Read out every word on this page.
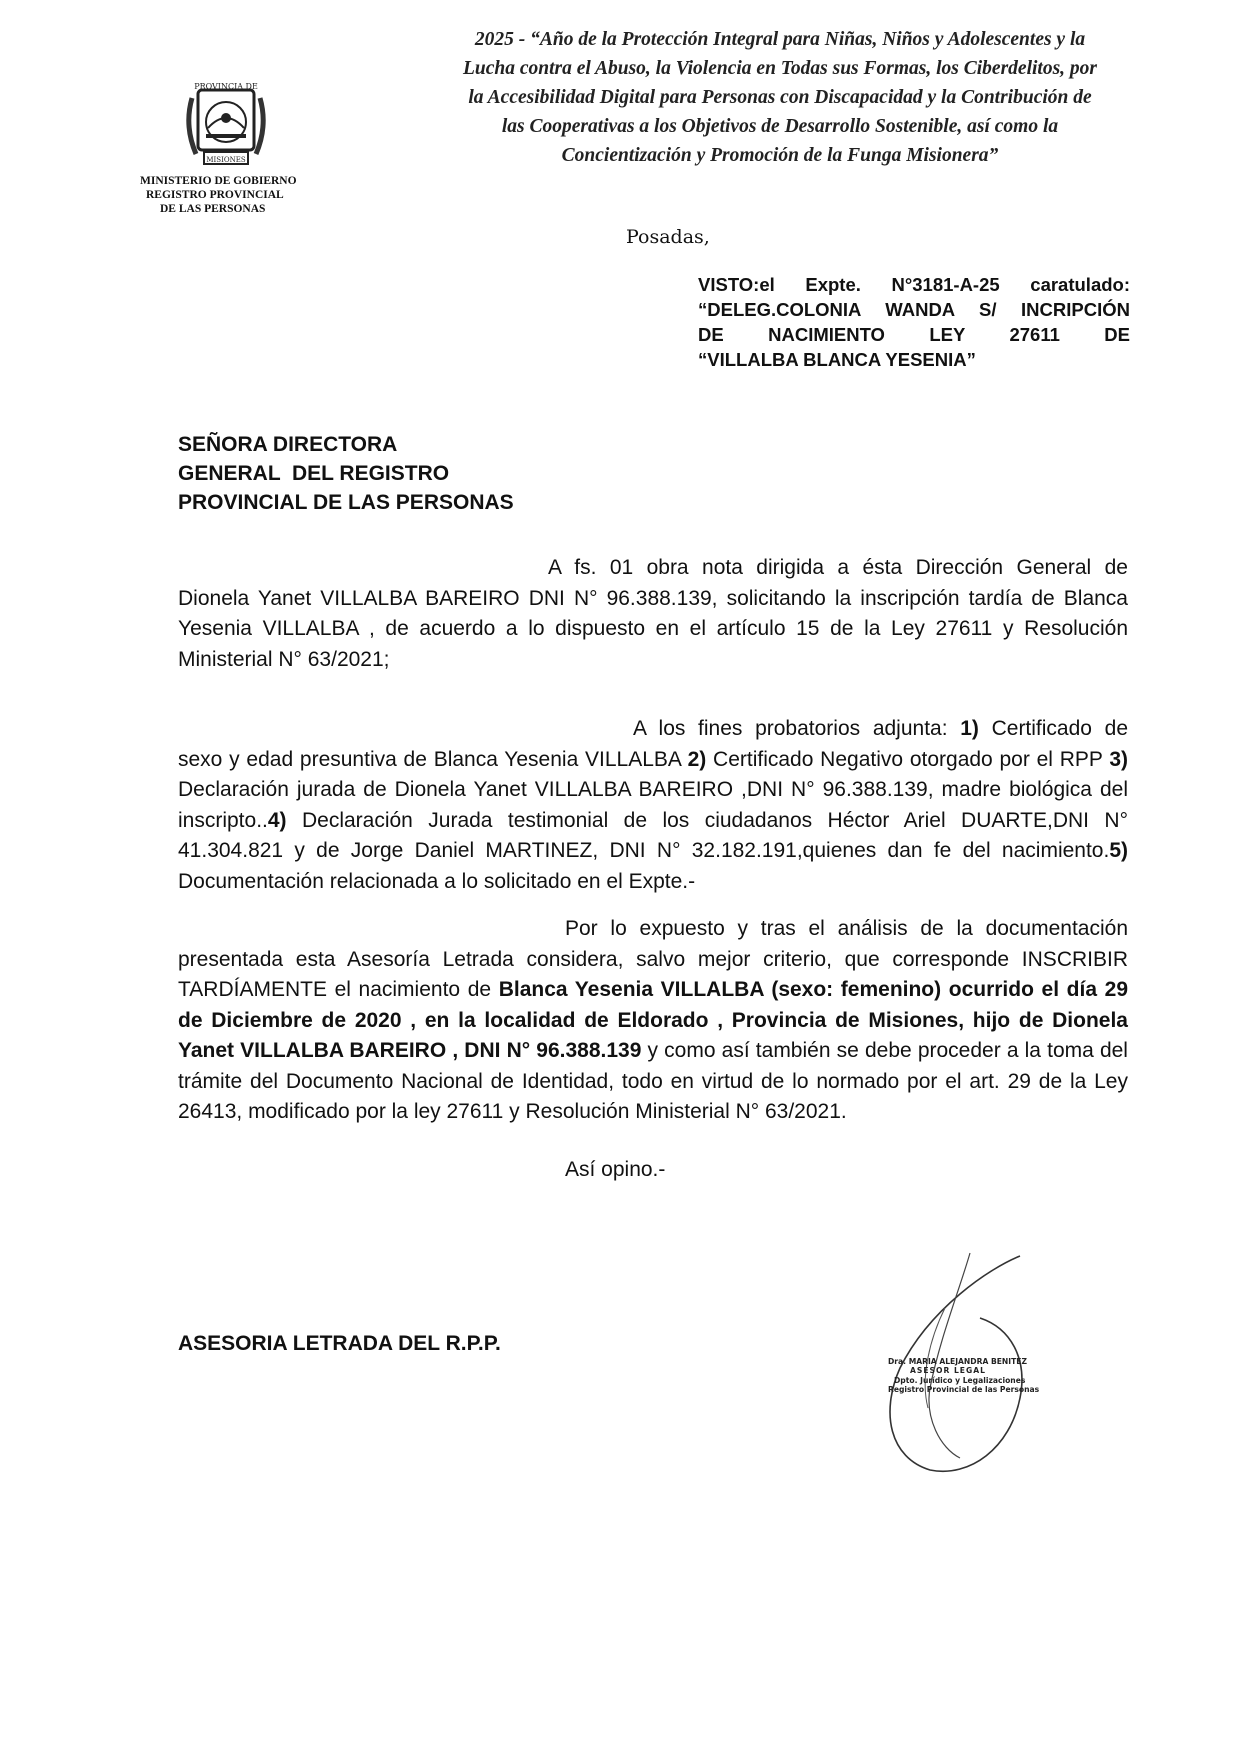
PROVINCIA DE
MISIONES
MINISTERIO DE GOBIERNO
REGISTRO PROVINCIAL
DE LAS PERSONAS
2025 - “Año de la Protección Integral para Niñas, Niños y Adolescentes y la
Lucha contra el Abuso, la Violencia en Todas sus Formas, los Ciberdelitos, por
la Accesibilidad Digital para Personas con Discapacidad y la Contribución de
las Cooperativas a los Objetivos de Desarrollo Sostenible, así como la
Concientización y Promoción de la Funga Misionera”
Posadas,
VISTO:el Expte. N°3181-A-25 caratulado:
“DELEG.COLONIA WANDA S/ INCRIPCIÓN
DE NACIMIENTO LEY 27611 DE
“VILLALBA BLANCA YESENIA”
SEÑORA DIRECTORA
GENERAL  DEL REGISTRO
PROVINCIAL DE LAS PERSONAS
A fs. 01 obra nota dirigida a ésta Dirección General de Dionela Yanet VILLALBA BAREIRO DNI N° 96.388.139, solicitando la inscripción tardía de Blanca Yesenia VILLALBA , de acuerdo a lo dispuesto en el artículo 15 de la Ley 27611 y Resolución Ministerial N° 63/2021;
A los fines probatorios adjunta: 1) Certificado de sexo y edad presuntiva de Blanca Yesenia VILLALBA 2) Certificado Negativo otorgado por el RPP 3) Declaración jurada de Dionela Yanet VILLALBA BAREIRO ,DNI N° 96.388.139, madre biológica del inscripto..4) Declaración Jurada testimonial de los ciudadanos Héctor Ariel DUARTE,DNI N° 41.304.821 y de Jorge Daniel MARTINEZ, DNI N° 32.182.191,quienes dan fe del nacimiento.5) Documentación relacionada a lo solicitado en el Expte.-
Por lo expuesto y tras el análisis de la documentación presentada esta Asesoría Letrada considera, salvo mejor criterio, que corresponde INSCRIBIR TARDÍAMENTE el nacimiento de Blanca Yesenia VILLALBA (sexo: femenino) ocurrido el día 29 de Diciembre de 2020 , en la localidad de Eldorado , Provincia de Misiones, hijo de Dionela Yanet VILLALBA BAREIRO , DNI N° 96.388.139 y como así también se debe proceder a la toma del trámite del Documento Nacional de Identidad, todo en virtud de lo normado por el art. 29 de la Ley 26413, modificado por la ley 27611 y Resolución Ministerial N° 63/2021.
Así opino.-
ASESORIA LETRADA DEL R.P.P.
Dra. MARIA ALEJANDRA BENITEZ
ASESOR LEGAL
Dpto. Jurídico y Legalizaciones
Registro Provincial de las Personas
